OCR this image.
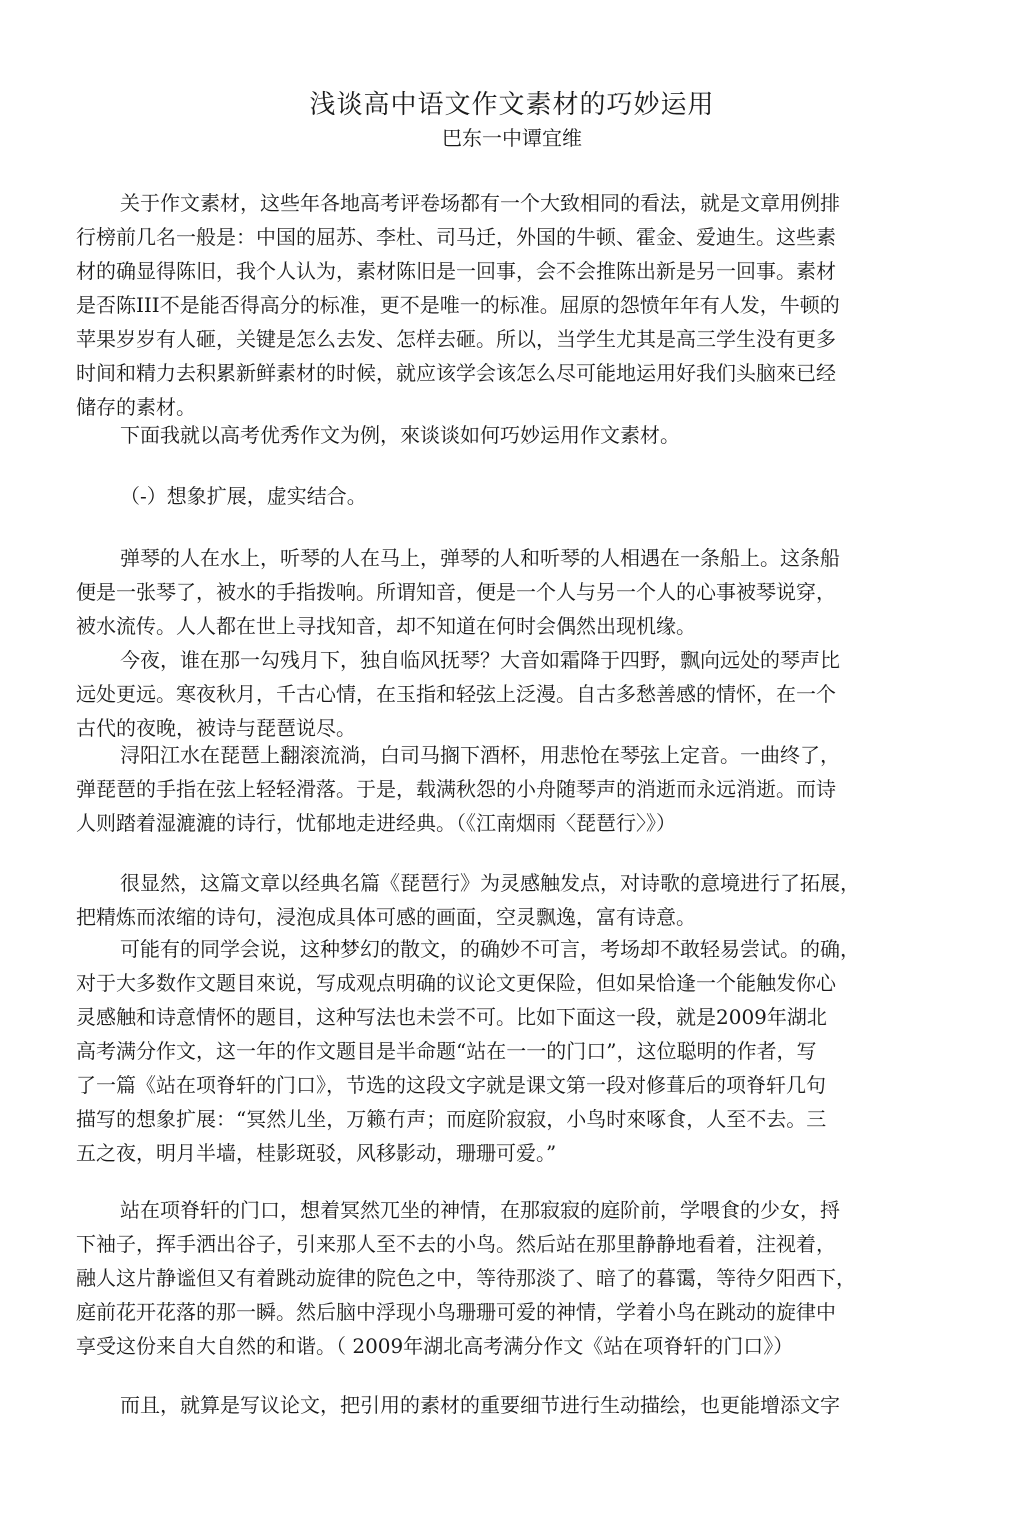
浅谈高中语文作文素材的巧妙运用
巴东一中谭宜维
关于作文素材，这些年各地高考评卷场都有一个大致相同的看法，就是文章用例排
行榜前几名一般是：中国的屈苏、李杜、司马迁，外国的牛顿、霍金、爱迪生。这些素
材的确显得陈旧，我个人认为，素材陈旧是一回事，会不会推陈出新是另一回事。素材
是否陈III不是能否得高分的标准，更不是唯一的标准。屈原的怨愤年年有人发，牛顿的
苹果岁岁有人砸，关键是怎么去发、怎样去砸。所以，当学生尤其是高三学生没有更多
时间和精力去积累新鲜素材的时候，就应该学会该怎么尽可能地运用好我们头脑來已经
储存的素材。
下面我就以高考优秀作文为例，來谈谈如何巧妙运用作文素材。
（-）想象扩展，虚实结合。
弹琴的人在水上，听琴的人在马上，弹琴的人和听琴的人相遇在一条船上。这条船
便是一张琴了，被水的手指拨响。所谓知音，便是一个人与另一个人的心事被琴说穿，
被水流传。人人都在世上寻找知音，却不知道在何时会偶然出现机缘。
今夜，谁在那一勾残月下，独自临风抚琴？大音如霜降于四野，飘向远处的琴声比
远处更远。寒夜秋月，千古心情，在玉指和轻弦上泛漫。自古多愁善感的情怀，在一个
古代的夜晚，被诗与琵琶说尽。
浔阳江水在琵琶上翻滚流淌，白司马搁下酒杯，用悲怆在琴弦上定音。一曲终了，
弹琵琶的手指在弦上轻轻滑落。于是，载满秋怨的小舟随琴声的消逝而永远消逝。而诗
人则踏着湿漉漉的诗行，忧郁地走进经典。（《江南烟雨〈琵琶行〉》）
很显然，这篇文章以经典名篇《琵琶行》为灵感触发点，对诗歌的意境进行了拓展，
把精炼而浓缩的诗句，浸泡成具体可感的画面，空灵飘逸，富有诗意。
可能有的同学会说，这种梦幻的散文，的确妙不可言，考场却不敢轻易尝试。的确，
对于大多数作文题目來说，写成观点明确的议论文更保险，但如杲恰逢一个能触发你心
灵感触和诗意情怀的题目，这种写法也未尝不可。比如下面这一段，就是2009年湖北
高考满分作文，这一年的作文题目是半命题“站在一一的门口”，这位聪明的作者，写
了一篇《站在项脊轩的门口》，节选的这段文字就是课文第一段对修葺后的项脊轩几句
描写的想象扩展：“冥然儿坐，万籁冇声；而庭阶寂寂，小鸟时來啄食，人至不去。三
五之夜，明月半墙，桂影斑驳，风移影动，珊珊可爱。”
站在项脊轩的门口，想着冥然兀坐的神情，在那寂寂的庭阶前，学喂食的少女，捋
下袖子，挥手洒出谷子，引来那人至不去的小鸟。然后站在那里静静地看着，注视着，
融人这片静谧但又有着跳动旋律的院色之中，等待那淡了、暗了的暮霭，等待夕阳西下，
庭前花开花落的那一瞬。然后脑中浮现小鸟珊珊可爱的神情，学着小鸟在跳动的旋律中
享受这份来自大自然的和谐。（ 2009年湖北高考满分作文《站在项脊轩的门口》）
而且，就算是写议论文，把引用的素材的重要细节进行生动描绘，也更能增添文字
